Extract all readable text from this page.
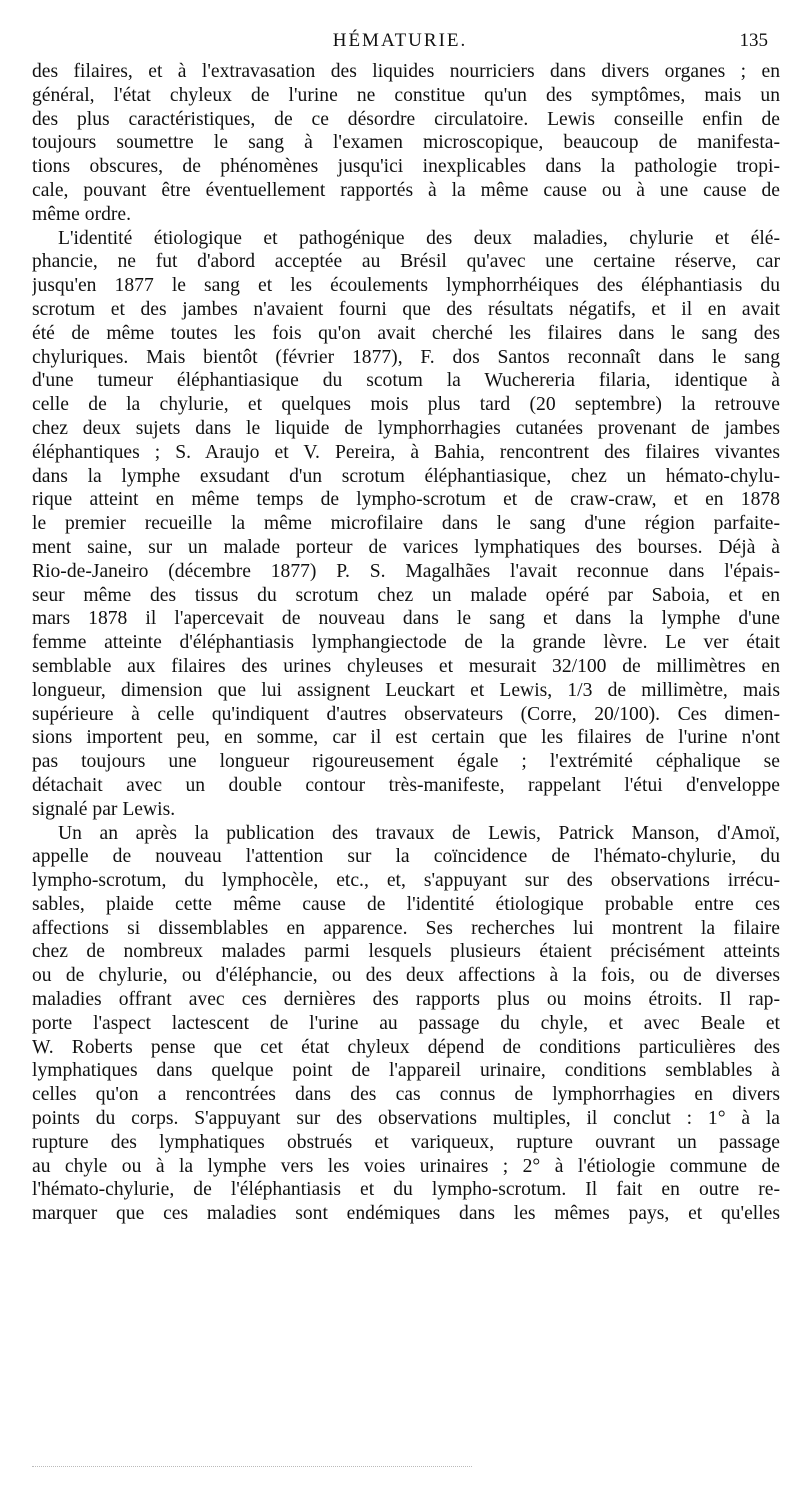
HÉMATURIE.	135
des filaires, et à l'extravasation des liquides nourriciers dans divers organes ; en
général, l'état chyleux de l'urine ne constitue qu'un des symptômes, mais un
des plus caractéristiques, de ce désordre circulatoire. Lewis conseille enfin de
toujours soumettre le sang à l'examen microscopique, beaucoup de manifesta-
tions obscures, de phénomènes jusqu'ici inexplicables dans la pathologie tropi-
cale, pouvant être éventuellement rapportés à la même cause ou à une cause de
même ordre.
L'identité étiologique et pathogénique des deux maladies, chylurie et élé-
phancie, ne fut d'abord acceptée au Brésil qu'avec une certaine réserve, car
jusqu'en 1877 le sang et les écoulements lymphorrhéiques des éléphantiasis du
scrotum et des jambes n'avaient fourni que des résultats négatifs, et il en avait
été de même toutes les fois qu'on avait cherché les filaires dans le sang des
chyluriques. Mais bientôt (février 1877), F. dos Santos reconnaît dans le sang
d'une tumeur éléphantiasique du scotum la Wuchereria filaria, identique à
celle de la chylurie, et quelques mois plus tard (20 septembre) la retrouve
chez deux sujets dans le liquide de lymphorrhagies cutanées provenant de jambes
éléphantiques ; S. Araujo et V. Pereira, à Bahia, rencontrent des filaires vivantes
dans la lymphe exsudant d'un scrotum éléphantiasique, chez un hémato-chylu-
rique atteint en même temps de lympho-scrotum et de craw-craw, et en 1878
le premier recueille la même microfilaire dans le sang d'une région parfaite-
ment saine, sur un malade porteur de varices lymphatiques des bourses. Déjà à
Rio-de-Janeiro (décembre 1877) P. S. Magalhães l'avait reconnue dans l'épais-
seur même des tissus du scrotum chez un malade opéré par Saboia, et en
mars 1878 il l'apercevait de nouveau dans le sang et dans la lymphe d'une
femme atteinte d'éléphantiasis lymphangiectode de la grande lèvre. Le ver était
semblable aux filaires des urines chyleuses et mesurait 32/100 de millimètres en
longueur, dimension que lui assignent Leuckart et Lewis, 1/3 de millimètre, mais
supérieure à celle qu'indiquent d'autres observateurs (Corre, 20/100). Ces dimen-
sions importent peu, en somme, car il est certain que les filaires de l'urine n'ont
pas toujours une longueur rigoureusement égale ; l'extrémité céphalique se
détachait avec un double contour très-manifeste, rappelant l'étui d'enveloppe
signalé par Lewis.
Un an après la publication des travaux de Lewis, Patrick Manson, d'Amoï,
appelle de nouveau l'attention sur la coïncidence de l'hémato-chylurie, du
lympho-scrotum, du lymphocèle, etc., et, s'appuyant sur des observations irrécu-
sables, plaide cette même cause de l'identité étiologique probable entre ces
affections si dissemblables en apparence. Ses recherches lui montrent la filaire
chez de nombreux malades parmi lesquels plusieurs étaient précisément atteints
ou de chylurie, ou d'éléphancie, ou des deux affections à la fois, ou de diverses
maladies offrant avec ces dernières des rapports plus ou moins étroits. Il rap-
porte l'aspect lactescent de l'urine au passage du chyle, et avec Beale et
W. Roberts pense que cet état chyleux dépend de conditions particulières des
lymphatiques dans quelque point de l'appareil urinaire, conditions semblables à
celles qu'on a rencontrées dans des cas connus de lymphorrhagies en divers
points du corps. S'appuyant sur des observations multiples, il conclut : 1° à la
rupture des lymphatiques obstrués et variqueux, rupture ouvrant un passage
au chyle ou à la lymphe vers les voies urinaires ; 2° à l'étiologie commune de
l'hémato-chylurie, de l'éléphantiasis et du lympho-scrotum. Il fait en outre re-
marquer que ces maladies sont endémiques dans les mêmes pays, et qu'elles
